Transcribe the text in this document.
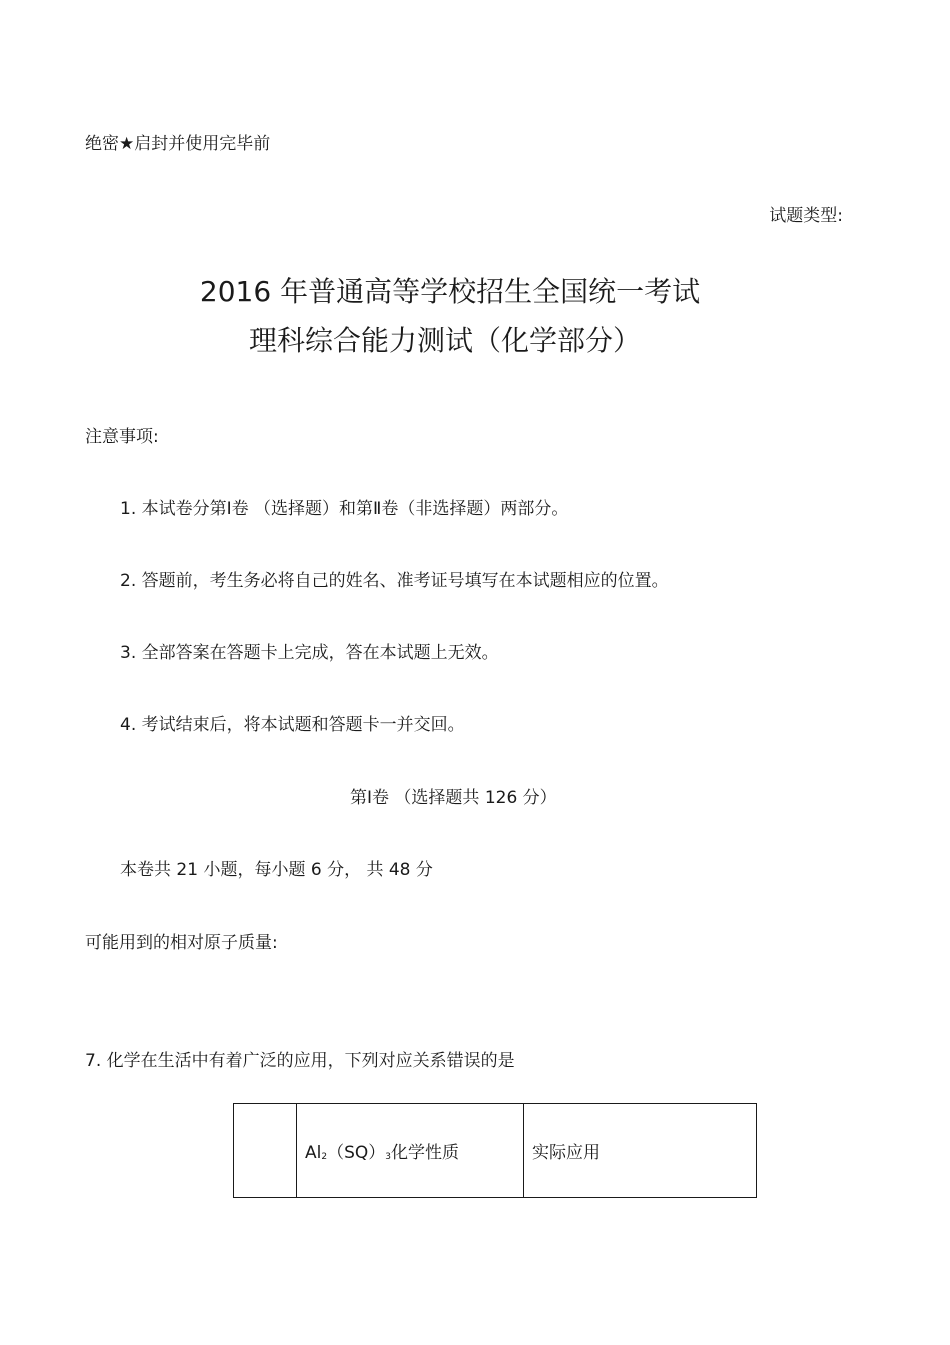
绝密★启封并使用完毕前
试题类型:
2016 年普通高等学校招生全国统一考试
理科综合能力测试（化学部分）
注意事项:
1. 本试卷分第Ⅰ卷 （选择题）和第Ⅱ卷（非选择题）两部分。
2. 答题前，考生务必将自己的姓名、准考证号填写在本试题相应的位置。
3. 全部答案在答题卡上完成，答在本试题上无效。
4. 考试结束后，将本试题和答题卡一并交回。
第Ⅰ卷 （选择题共 126 分）
本卷共 21 小题，每小题 6 分， 共 48 分
可能用到的相对原子质量:
7. 化学在生活中有着广泛的应用，下列对应关系错误的是
	$Al_2(SQ)_3$化学性质	实际应用
